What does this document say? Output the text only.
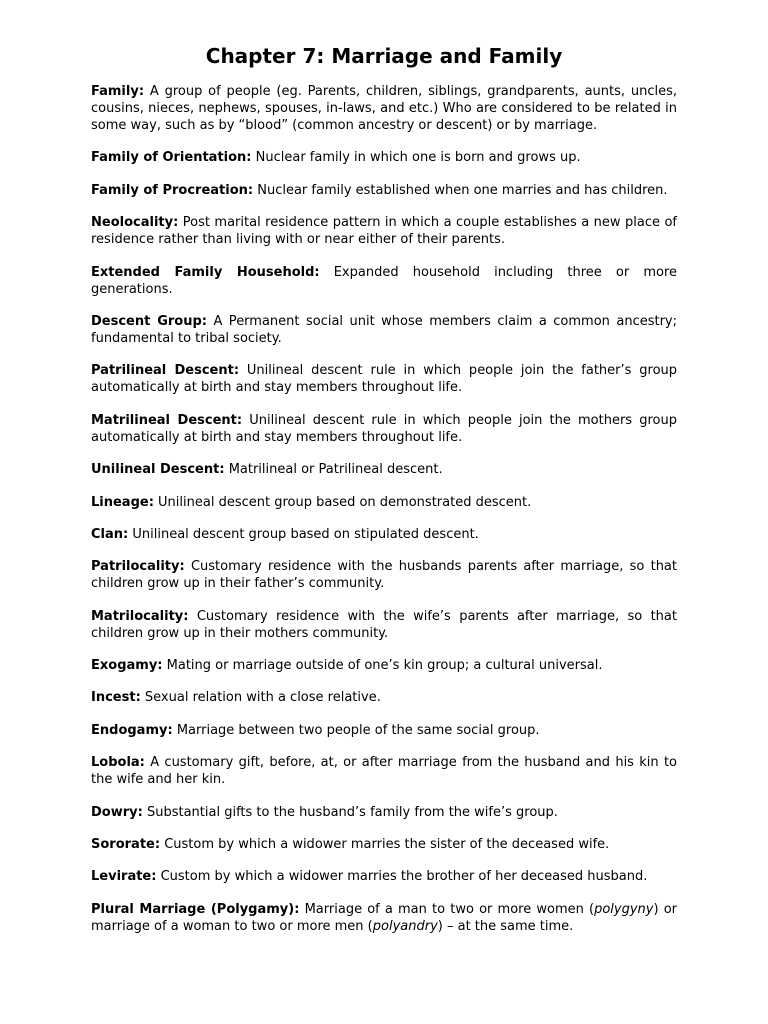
Chapter 7: Marriage and Family

Family: A group of people (eg. Parents, children, siblings, grandparents, aunts, uncles, cousins, nieces, nephews, spouses, in-laws, and etc.) Who are considered to be related in some way, such as by “blood” (common ancestry or descent) or by marriage.

Family of Orientation: Nuclear family in which one is born and grows up.

Family of Procreation: Nuclear family established when one marries and has children.

Neolocality: Post marital residence pattern in which a couple establishes a new place of residence rather than living with or near either of their parents.

Extended Family Household: Expanded household including three or more generations.

Descent Group: A Permanent social unit whose members claim a common ancestry; fundamental to tribal society.

Patrilineal Descent: Unilineal descent rule in which people join the father’s group automatically at birth and stay members throughout life.

Matrilineal Descent: Unilineal descent rule in which people join the mothers group automatically at birth and stay members throughout life.

Unilineal Descent: Matrilineal or Patrilineal descent.

Lineage: Unilineal descent group based on demonstrated descent.

Clan: Unilineal descent group based on stipulated descent.

Patrilocality: Customary residence with the husbands parents after marriage, so that children grow up in their father’s community.

Matrilocality: Customary residence with the wife’s parents after marriage, so that children grow up in their mothers community.

Exogamy: Mating or marriage outside of one’s kin group; a cultural universal.

Incest: Sexual relation with a close relative.

Endogamy: Marriage between two people of the same social group.

Lobola: A customary gift, before, at, or after marriage from the husband and his kin to the wife and her kin.

Dowry: Substantial gifts to the husband’s family from the wife’s group.

Sororate: Custom by which a widower marries the sister of the deceased wife.

Levirate: Custom by which a widower marries the brother of her deceased husband.

Plural Marriage (Polygamy): Marriage of a man to two or more women (polygyny) or marriage of a woman to two or more men (polyandry) – at the same time.
